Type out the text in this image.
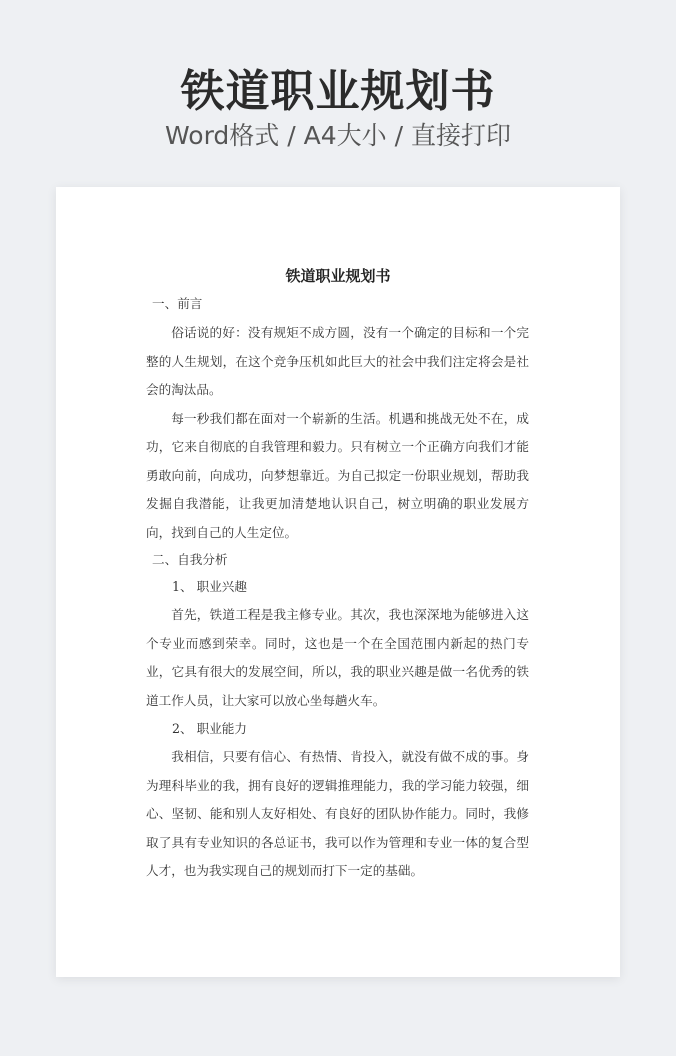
铁道职业规划书
Word格式 / A4大小 / 直接打印
铁道职业规划书
一、前言

俗话说的好：没有规矩不成方圆，没有一个确定的目标和一个完整的人生规划，在这个竞争压机如此巨大的社会中我们注定将会是社会的淘汰品。

每一秒我们都在面对一个崭新的生活。机遇和挑战无处不在，成功，它来自彻底的自我管理和毅力。只有树立一个正确方向我们才能勇敢向前，向成功，向梦想靠近。为自己拟定一份职业规划，帮助我发掘自我潜能，让我更加清楚地认识自己，树立明确的职业发展方向，找到自己的人生定位。

二、自我分析
1、 职业兴趣

首先，铁道工程是我主修专业。其次，我也深深地为能够进入这个专业而感到荣幸。同时，这也是一个在全国范围内新起的热门专业，它具有很大的发展空间，所以，我的职业兴趣是做一名优秀的铁道工作人员，让大家可以放心坐每趟火车。

2、 职业能力

我相信，只要有信心、有热情、肯投入，就没有做不成的事。身为理科毕业的我，拥有良好的逻辑推理能力，我的学习能力较强，细心、坚韧、能和别人友好相处、有良好的团队协作能力。同时，我修取了具有专业知识的各总证书，我可以作为管理和专业一体的复合型人才，也为我实现自己的规划而打下一定的基础。
